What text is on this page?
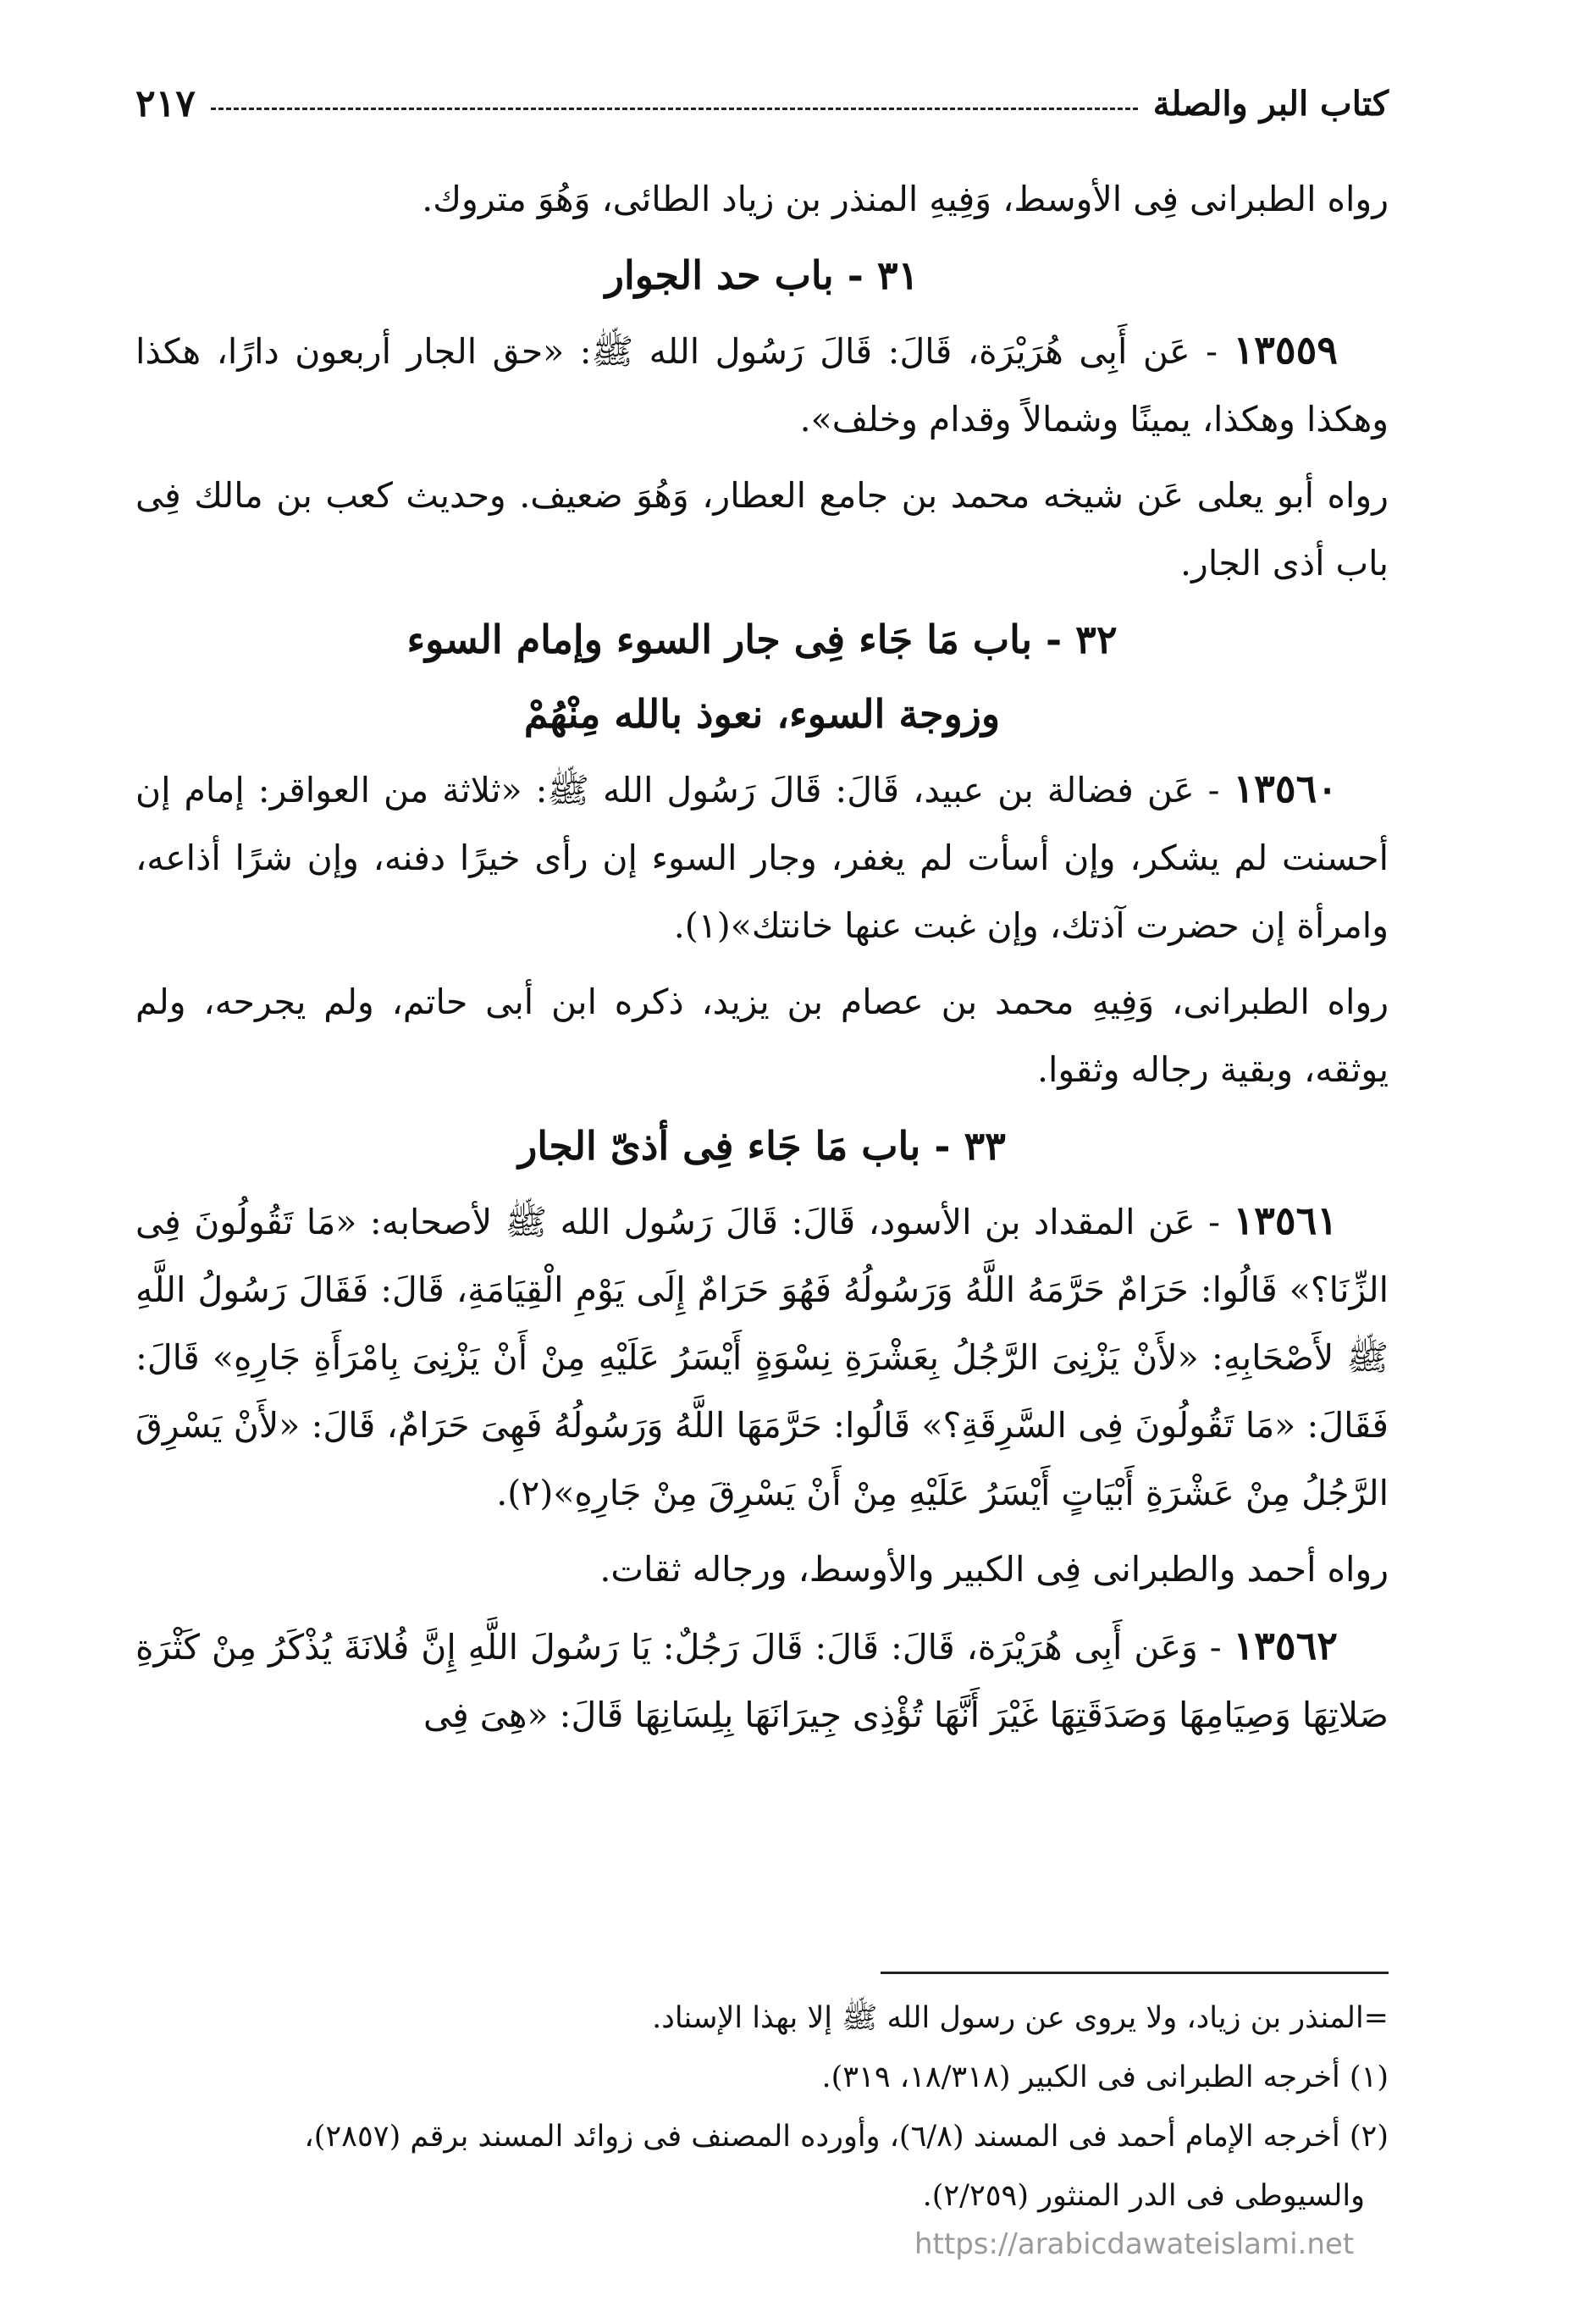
كتاب البر والصلة
٢١٧

رواه الطبرانى فِى الأوسط، وَفِيهِ المنذر بن زياد الطائى، وَهُوَ متروك.

٣١ - باب حد الجوار

١٣٥٥٩ - عَن أَبِى هُرَيْرَة، قَالَ: قَالَ رَسُول الله ﷺ: «حق الجار أربعون دارًا، هكذا وهكذا وهكذا، يمينًا وشمالاً وقدام وخلف».

رواه أبو يعلى عَن شيخه محمد بن جامع العطار، وَهُوَ ضعيف. وحديث كعب بن مالك فِى باب أذى الجار.

٣٢ - باب مَا جَاء فِى جار السوء وإمام السوء
وزوجة السوء، نعوذ بالله مِنْهُمْ

١٣٥٦٠ - عَن فضالة بن عبيد، قَالَ: قَالَ رَسُول الله ﷺ: «ثلاثة من العواقر: إمام إن أحسنت لم يشكر، وإن أسأت لم يغفر، وجار السوء إن رأى خيرًا دفنه، وإن شرًا أذاعه، وامرأة إن حضرت آذتك، وإن غبت عنها خانتك»(١).

رواه الطبرانى، وَفِيهِ محمد بن عصام بن يزيد، ذكره ابن أبى حاتم، ولم يجرحه، ولم يوثقه، وبقية رجاله وثقوا.

٣٣ - باب مَا جَاء فِى أذىّ الجار

١٣٥٦١ - عَن المقداد بن الأسود، قَالَ: قَالَ رَسُول الله ﷺ لأصحابه: «مَا تَقُولُونَ فِى الزِّنَا؟» قَالُوا: حَرَامٌ حَرَّمَهُ اللَّهُ وَرَسُولُهُ فَهُوَ حَرَامٌ إِلَى يَوْمِ الْقِيَامَةِ، قَالَ: فَقَالَ رَسُولُ اللَّهِ ﷺ لأَصْحَابِهِ: «لأَنْ يَزْنِىَ الرَّجُلُ بِعَشْرَةِ نِسْوَةٍ أَيْسَرُ عَلَيْهِ مِنْ أَنْ يَزْنِىَ بِامْرَأَةِ جَارِهِ» قَالَ: فَقَالَ: «مَا تَقُولُونَ فِى السَّرِقَةِ؟» قَالُوا: حَرَّمَهَا اللَّهُ وَرَسُولُهُ فَهِىَ حَرَامٌ، قَالَ: «لأَنْ يَسْرِقَ الرَّجُلُ مِنْ عَشْرَةِ أَبْيَاتٍ أَيْسَرُ عَلَيْهِ مِنْ أَنْ يَسْرِقَ مِنْ جَارِهِ»(٢).

رواه أحمد والطبرانى فِى الكبير والأوسط، ورجاله ثقات.

١٣٥٦٢ - وَعَن أَبِى هُرَيْرَة، قَالَ: قَالَ: قَالَ رَجُلٌ: يَا رَسُولَ اللَّهِ إِنَّ فُلانَةَ يُذْكَرُ مِنْ كَثْرَةِ صَلاتِهَا وَصِيَامِهَا وَصَدَقَتِهَا غَيْرَ أَنَّهَا تُؤْذِى جِيرَانَهَا بِلِسَانِهَا قَالَ: «هِىَ فِى

=المنذر بن زياد، ولا يروى عن رسول الله ﷺ إلا بهذا الإسناد.

(١) أخرجه الطبرانى فى الكبير (١٨/٣١٨، ٣١٩).

(٢) أخرجه الإمام أحمد فى المسند (٦/٨)، وأورده المصنف فى زوائد المسند برقم (٢٨٥٧)،

والسيوطى فى الدر المنثور (٢/٢٥٩).

https://arabicdawateislami.net
